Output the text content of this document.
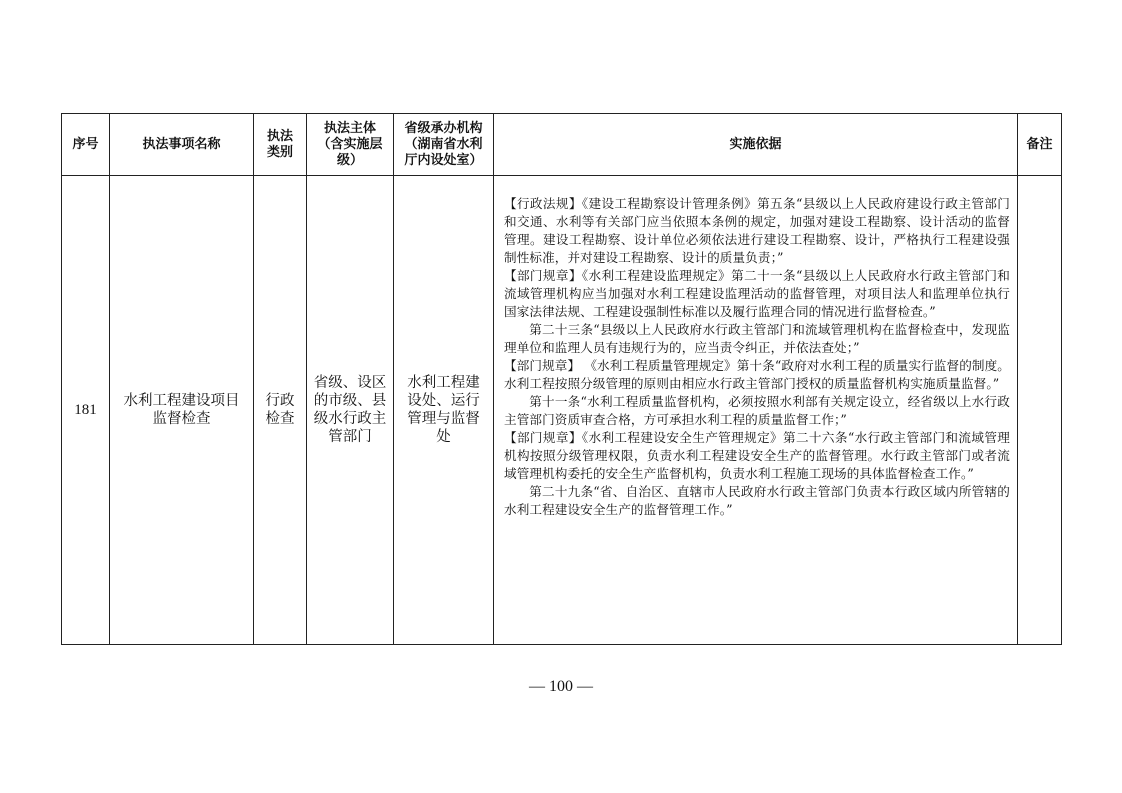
序号	执法事项名称
执法类别
执法主体（含实施层级）
省级承办机构（湖南省水利厅内设处室）
实施依据	备注
181
水利工程建设项目监督检查
行政检查
省级、设区的市级、县级水行政主管部门
水利工程建设处、运行管理与监督处

【行政法规】《建设工程勘察设计管理条例》第五条“县级以上人民政府建设行政主管部门和交通、水利等有关部门应当依照本条例的规定，加强对建设工程勘察、设计活动的监督管理。建设工程勘察、设计单位必须依法进行建设工程勘察、设计，严格执行工程建设强制性标准，并对建设工程勘察、设计的质量负责；”

【部门规章】《水利工程建设监理规定》第二十一条“县级以上人民政府水行政主管部门和流域管理机构应当加强对水利工程建设监理活动的监督管理，对项目法人和监理单位执行国家法律法规、工程建设强制性标准以及履行监理合同的情况进行监督检查。”

第二十三条“县级以上人民政府水行政主管部门和流域管理机构在监督检查中，发现监理单位和监理人员有违规行为的，应当责令纠正，并依法查处；”

【部门规章】 《水利工程质量管理规定》第十条“政府对水利工程的质量实行监督的制度。水利工程按照分级管理的原则由相应水行政主管部门授权的质量监督机构实施质量监督。”

第十一条“水利工程质量监督机构，必须按照水利部有关规定设立，经省级以上水行政主管部门资质审查合格，方可承担水利工程的质量监督工作；”

【部门规章】《水利工程建设安全生产管理规定》第二十六条“水行政主管部门和流域管理机构按照分级管理权限，负责水利工程建设安全生产的监督管理。水行政主管部门或者流域管理机构委托的安全生产监督机构，负责水利工程施工现场的具体监督检查工作。”

第二十九条“省、自治区、直辖市人民政府水行政主管部门负责本行政区域内所管辖的水利工程建设安全生产的监督管理工作。”

— 100 —
